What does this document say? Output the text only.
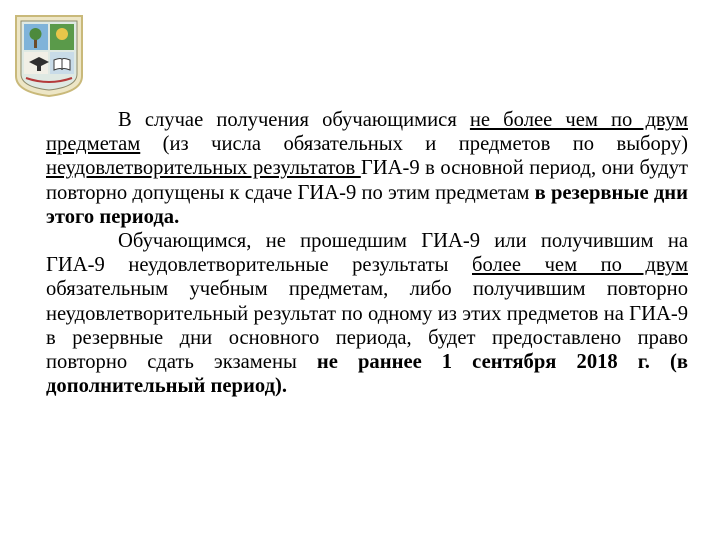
В случае получения обучающимися не более чем по двум предметам (из числа обязательных и предметов по выбору) неудовлетворительных результатов ГИА-9 в основной период, они будут повторно допущены к сдаче ГИА-9 по этим предметам в резервные дни этого периода.

Обучающимся, не прошедшим ГИА-9 или получившим на ГИА-9 неудовлетворительные результаты более чем по двум обязательным учебным предметам, либо получившим повторно неудовлетворительный результат по одному из этих предметов на ГИА-9 в резервные дни основного периода, будет предоставлено право повторно сдать экзамены не раннее 1 сентября 2018 г. (в дополнительный период).
